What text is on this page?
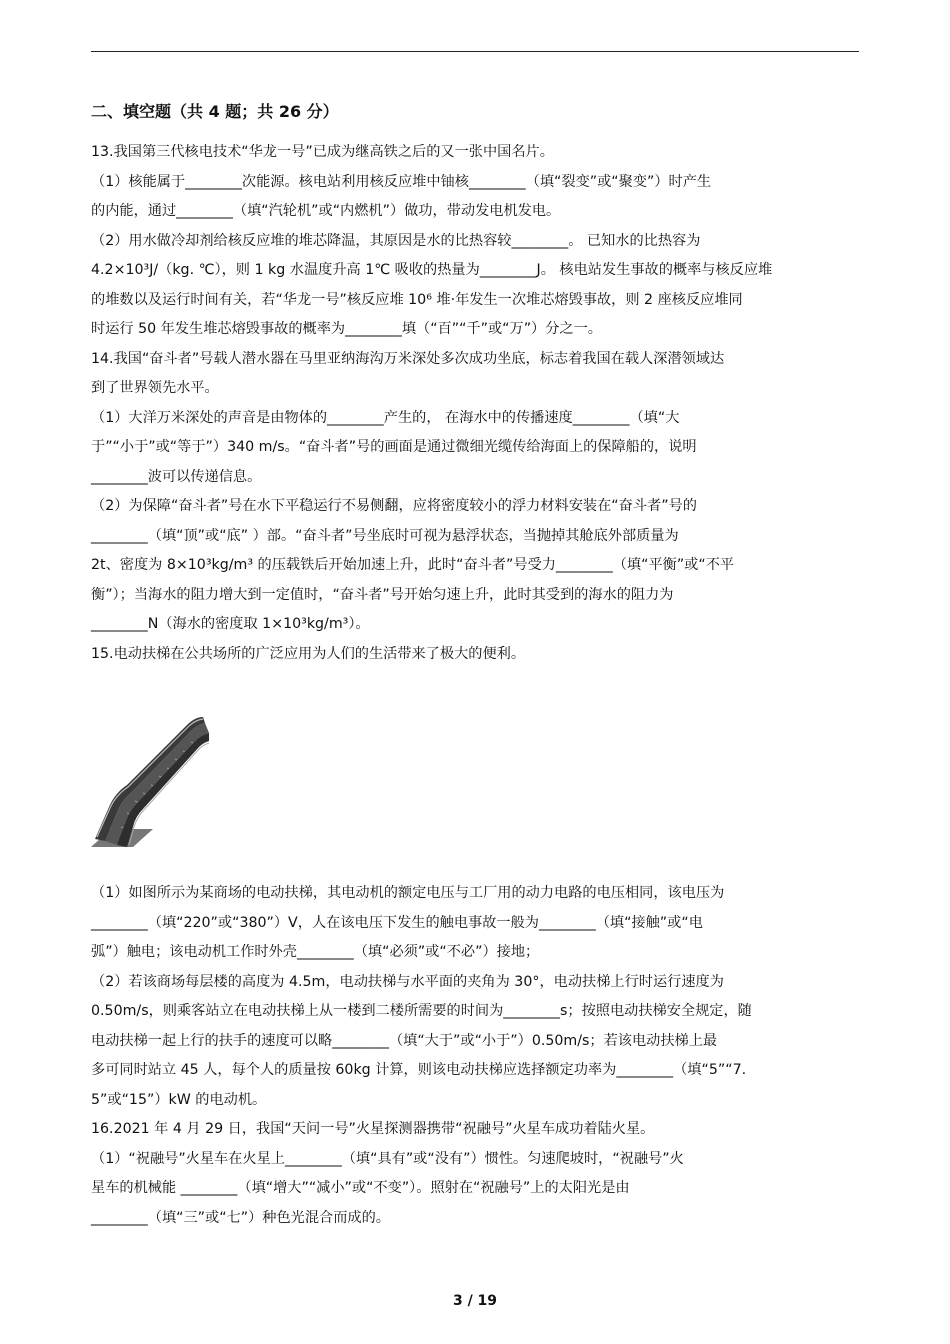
二、填空题（共 4 题；共 26 分）
13.我国第三代核电技术“华龙一号”已成为继高铁之后的又一张中国名片。
（1）核能属于________次能源。核电站利用核反应堆中铀核________（填“裂变”或“聚变”）时产生
的内能，通过________（填“汽轮机”或“内燃机”）做功，带动发电机发电。
（2）用水做冷却剂给核反应堆的堆芯降温，其原因是水的比热容较________。 已知水的比热容为
4.2×10³J/（kg. ℃），则 1 kg 水温度升高 1℃ 吸收的热量为________J。 核电站发生事故的概率与核反应堆
的堆数以及运行时间有关，若“华龙一号”核反应堆 10⁶ 堆·年发生一次堆芯熔毁事故，则 2 座核反应堆同
时运行 50 年发生堆芯熔毁事故的概率为________填（“百”“千”或“万”）分之一。
14.我国“奋斗者”号载人潜水器在马里亚纳海沟万米深处多次成功坐底，标志着我国在载人深潜领域达
到了世界领先水平。
（1）大洋万米深处的声音是由物体的________产生的， 在海水中的传播速度________（填“大
于”“小于”或“等于”）340 m/s。“奋斗者”号的画面是通过微细光缆传给海面上的保障船的，说明
________波可以传递信息。
（2）为保障“奋斗者”号在水下平稳运行不易侧翻，应将密度较小的浮力材料安装在“奋斗者”号的
________（填“顶”或“底” ）部。“奋斗者”号坐底时可视为悬浮状态，当抛掉其舱底外部质量为
2t、密度为 8×10³kg/m³ 的压载铁后开始加速上升，此时“奋斗者”号受力________（填“平衡”或“不平
衡”）；当海水的阻力增大到一定值时，“奋斗者”号开始匀速上升，此时其受到的海水的阻力为
________N（海水的密度取 1×10³kg/m³）。
15.电动扶梯在公共场所的广泛应用为人们的生活带来了极大的便利。
（1）如图所示为某商场的电动扶梯，其电动机的额定电压与工厂用的动力电路的电压相同，该电压为
________（填“220”或“380”）V，人在该电压下发生的触电事故一般为________（填“接触”或“电
弧”）触电；该电动机工作时外壳________（填“必须”或“不必”）接地；
（2）若该商场每层楼的高度为 4.5m，电动扶梯与水平面的夹角为 30°，电动扶梯上行时运行速度为
0.50m/s，则乘客站立在电动扶梯上从一楼到二楼所需要的时间为________s；按照电动扶梯安全规定，随
电动扶梯一起上行的扶手的速度可以略________（填“大于”或“小于”）0.50m/s；若该电动扶梯上最
多可同时站立 45 人，每个人的质量按 60kg 计算，则该电动扶梯应选择额定功率为________（填“5”“7.
5”或“15”）kW 的电动机。
16.2021 年 4 月 29 日，我国“天问一号”火星探测器携带“祝融号”火星车成功着陆火星。
（1）“祝融号”火星车在火星上________（填“具有”或“没有”）惯性。匀速爬坡时，“祝融号”火
星车的机械能 ________（填“增大”“减小”或“不变”）。照射在“祝融号”上的太阳光是由
________（填“三”或“七”）种色光混合而成的。
3 / 19
